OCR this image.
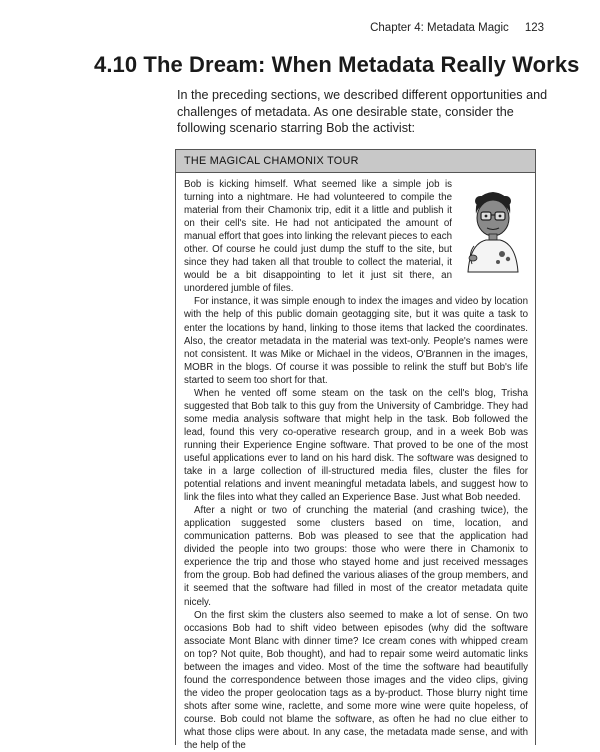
Chapter 4: Metadata Magic 123
4.10 The Dream: When Metadata Really Works

In the preceding sections, we described different opportunities and challenges of metadata. As one desirable state, consider the following scenario starring Bob the activist:

THE MAGICAL CHAMONIX TOUR

Bob is kicking himself. What seemed like a simple job is turning into a nightmare. He had volunteered to compile the material from their Chamonix trip, edit it a little and publish it on their cell's site. He had not anticipated the amount of manual effort that goes into linking the relevant pieces to each other. Of course he could just dump the stuff to the site, but since they had taken all that trouble to collect the material, it would be a bit disappointing to let it just sit there, an unordered jumble of files.

For instance, it was simple enough to index the images and video by location with the help of this public domain geotagging site, but it was quite a task to enter the locations by hand, linking to those items that lacked the coordinates. Also, the creator metadata in the material was text-only. People's names were not consistent. It was Mike or Michael in the videos, O'Brannen in the images, MOBR in the blogs. Of course it was possible to relink the stuff but Bob's life started to seem too short for that.

When he vented off some steam on the task on the cell's blog, Trisha suggested that Bob talk to this guy from the University of Cambridge. They had some media analysis software that might help in the task. Bob followed the lead, found this very co-operative research group, and in a week Bob was running their Experience Engine software. That proved to be one of the most useful applications ever to land on his hard disk. The software was designed to take in a large collection of ill-structured media files, cluster the files for potential relations and invent meaningful metadata labels, and suggest how to link the files into what they called an Experience Base. Just what Bob needed.

After a night or two of crunching the material (and crashing twice), the application suggested some clusters based on time, location, and communication patterns. Bob was pleased to see that the application had divided the people into two groups: those who were there in Chamonix to experience the trip and those who stayed home and just received messages from the group. Bob had defined the various aliases of the group members, and it seemed that the software had filled in most of the creator metadata quite nicely.

On the first skim the clusters also seemed to make a lot of sense. On two occasions Bob had to shift video between episodes (why did the software associate Mont Blanc with dinner time? Ice cream cones with whipped cream on top? Not quite, Bob thought), and had to repair some weird automatic links between the images and video. Most of the time the software had beautifully found the correspondence between those images and the video clips, giving the video the proper geolocation tags as a by-product. Those blurry night time shots after some wine, raclette, and some more wine were quite hopeless, of course. Bob could not blame the software, as often he had no clue either to what those clips were about. In any case, the metadata made sense, and with the help of the
